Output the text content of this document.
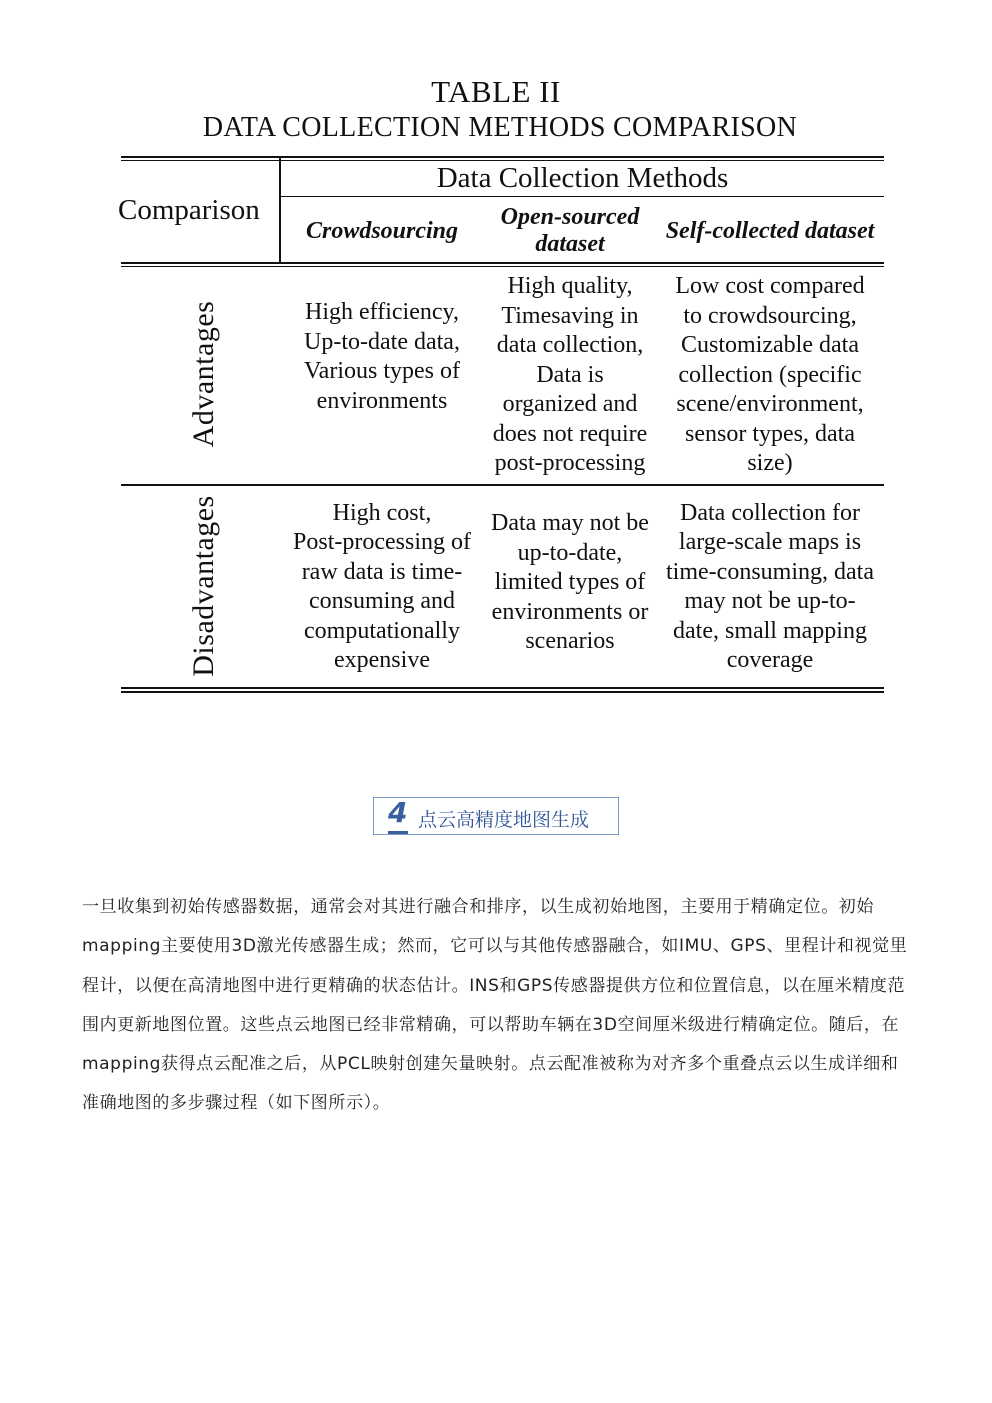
TABLE II
DATA COLLECTION METHODS COMPARISON
Comparison
Data Collection Methods
Crowdsourcing
Open-sourced
dataset
Self-collected dataset
Advantages
Disadvantages
High efficiency,
Up-to-date data,
Various types of
environments
High quality,
Timesaving in
data collection,
Data is
organized and
does not require
post-processing
Low cost compared
to crowdsourcing,
Customizable data
collection (specific
scene/environment,
sensor types, data
size)
High cost,
Post-processing of
raw data is time-
consuming and
computationally
expensive
Data may not be
up-to-date,
limited types of
environments or
scenarios
Data collection for
large-scale maps is
time-consuming, data
may not be up-to-
date, small mapping
coverage
4 点云高精度地图生成
一旦收集到初始传感器数据，通常会对其进行融合和排序，以生成初始地图，主要用于精确定位。初始mapping主要使用3D激光传感器生成；然而，它可以与其他传感器融合，如IMU、GPS、里程计和视觉里程计，以便在高清地图中进行更精确的状态估计。INS和GPS传感器提供方位和位置信息，以在厘米精度范围内更新地图位置。这些点云地图已经非常精确，可以帮助车辆在3D空间厘米级进行精确定位。随后，在mapping获得点云配准之后，从PCL映射创建矢量映射。点云配准被称为对齐多个重叠点云以生成详细和准确地图的多步骤过程（如下图所示）。
